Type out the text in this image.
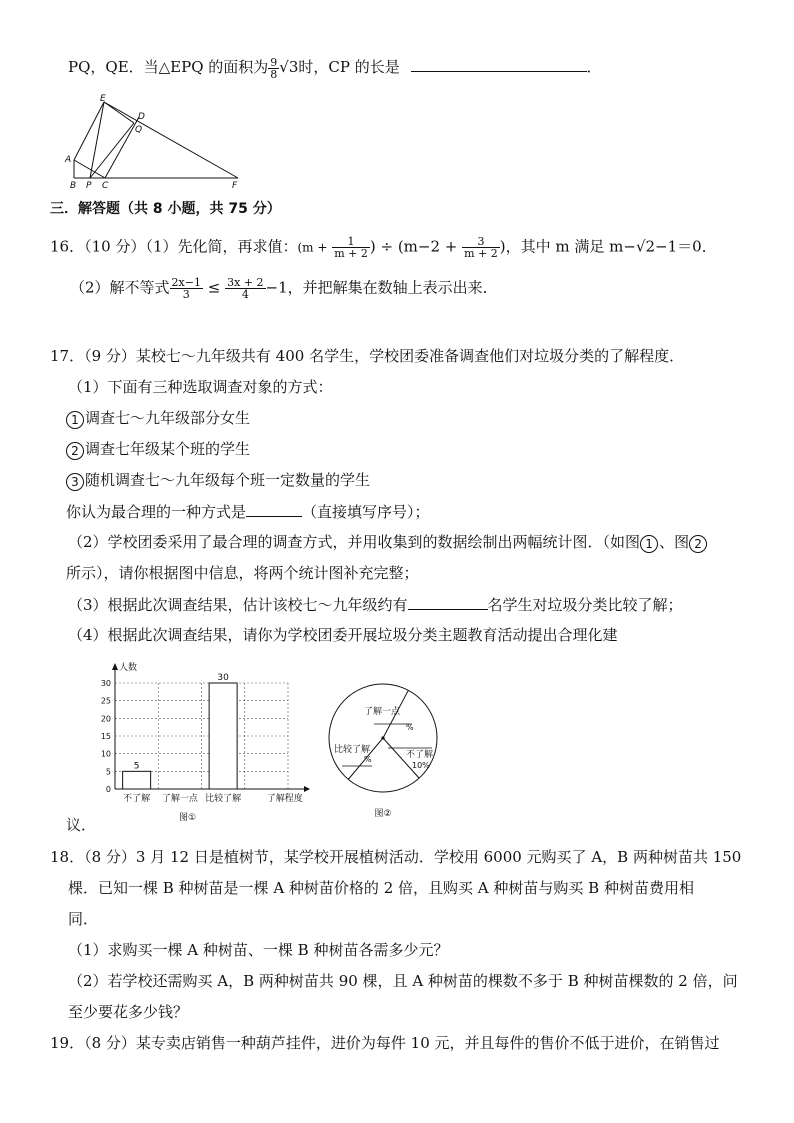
PQ，QE．当△EPQ 的面积为 $\frac{9}{8} √3$时，CP 的长是	．
E
D
Q
A
B P C	F
三．解答题（共 8 小题，共 75 分）
16．（10 分）（1）先化简，再求值：($m + \frac{1}{m + 2}$ ) ÷ ($m-2 + \frac{3}{m + 2}$ )，其中 m 满足 m−√2−1＝0．
（2）解不等式 $\frac{2x-1}{3} \le \frac{3x + 2}{4} -1$，并把解集在数轴上表示出来．
17．（9 分）某校七～九年级共有 400 名学生，学校团委准备调查他们对垃圾分类的了解程度．
（1）下面有三种选取调查对象的方式：
1 调查七～九年级部分女生
2 调查七年级某个班的学生
3 随机调查七～九年级每个班一定数量的学生
你认为最合理的一种方式是	（直接填写序号）；
（2）学校团委采用了最合理的调查方式，并用收集到的数据绘制出两幅统计图．（如图 1 、图 2
所示），请你根据图中信息，将两个统计图补充完整；
（3）根据此次调查结果，估计该校七～九年级约有	名学生对垃圾分类比较了解；
（4）根据此次调查结果，请你为学校团委开展垃圾分类主题教育活动提出合理化建
0
5
10
15
20
25
30
人数
了解程度
不了解
5
了解一点 比较了解
30
图①
了解一点
%
比较了解
%	不了解
10%
图②
议．
18．（8 分）3 月 12 日是植树节，某学校开展植树活动．学校用 6000 元购买了 A，B 两种树苗共 150
棵．已知一棵 B 种树苗是一棵 A 种树苗价格的 2 倍，且购买 A 种树苗与购买 B 种树苗费用相
同．
（1）求购买一棵 A 种树苗、一棵 B 种树苗各需多少元？
（2）若学校还需购买 A，B 两种树苗共 90 棵，且 A 种树苗的棵数不多于 B 种树苗棵数的 2 倍，问
至少要花多少钱？
19．（8 分）某专卖店销售一种葫芦挂件，进价为每件 10 元，并且每件的售价不低于进价，在销售过
